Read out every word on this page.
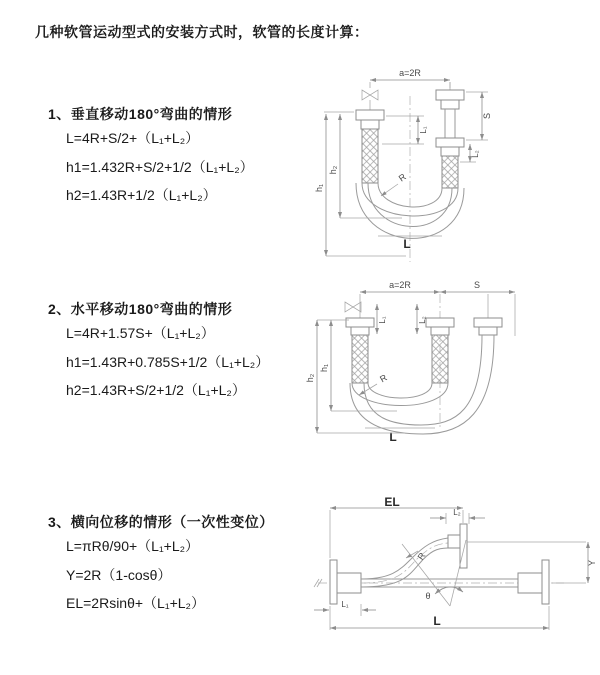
几种软管运动型式的安装方式时，软管的长度计算：
1、垂直移动180°弯曲的情形
L=4R+S/2+（L₁+L₂）
h1=1.432R+S/2+1/2（L₁+L₂）
h2=1.43R+1/2（L₁+L₂）
2、水平移动180°弯曲的情形
L=4R+1.57S+（L₁+L₂）
h1=1.43R+0.785S+1/2（L₁+L₂）
h2=1.43R+S/2+1/2（L₁+L₂）
3、横向位移的情形（一次性变位）
L=πRθ/90+（L₁+L₂）
Y=2R（1-cosθ）
EL=2Rsinθ+（L₁+L₂）
a=2R
L
h₁
h₂
L₁
S
L₂
R
a=2R	S
L
h₁
h₂
L₁	L₂
R
EL
L₂
Y
θ
R
L₁
L
